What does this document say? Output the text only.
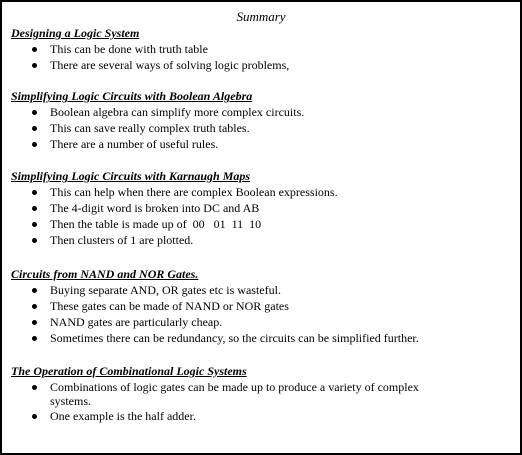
Summary
Designing a Logic System
This can be done with truth table
There are several ways of solving logic problems,
Simplifying Logic Circuits with Boolean Algebra
Boolean algebra can simplify more complex circuits.
This can save really complex truth tables.
There are a number of useful rules.
Simplifying Logic Circuits with Karnaugh Maps
This can help when there are complex Boolean expressions.
The 4-digit word is broken into DC and AB
Then the table is made up of  00   01  11  10
Then clusters of 1 are plotted.
Circuits from NAND and NOR Gates.
Buying separate AND, OR gates etc is wasteful.
These gates can be made of NAND or NOR gates
NAND gates are particularly cheap.
Sometimes there can be redundancy, so the circuits can be simplified further.
The Operation of Combinational Logic Systems
Combinations of logic gates can be made up to produce a variety of complex systems.
One example is the half adder.
